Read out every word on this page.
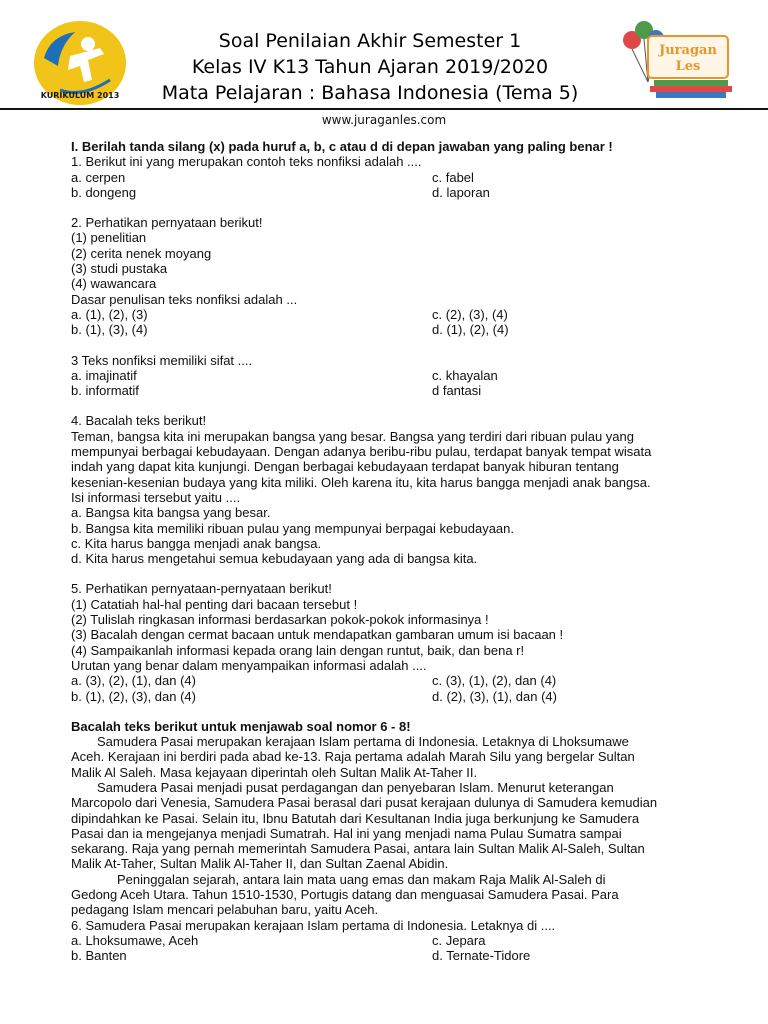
KURIKULUM 2013
Soal Penilaian Akhir Semester 1
Kelas IV K13 Tahun Ajaran 2019/2020
Mata Pelajaran : Bahasa Indonesia (Tema 5)
Juragan
Les
www.juraganles.com
I. Berilah tanda silang (x) pada huruf a, b, c atau d di depan jawaban yang paling benar !
1. Berikut ini yang merupakan contoh teks nonfiksi adalah ....
a. cerpen	c. fabel
b. dongeng	d. laporan
2. Perhatikan pernyataan berikut!
(1) penelitian
(2) cerita nenek moyang
(3) studi pustaka
(4) wawancara
Dasar penulisan teks nonfiksi adalah ...
a. (1), (2), (3)	c. (2), (3), (4)
b. (1), (3), (4)	d. (1), (2), (4)
3 Teks nonfiksi memiliki sifat ....
a. imajinatif	c. khayalan
b. informatif	d fantasi
4. Bacalah teks berikut!
Teman, bangsa kita ini merupakan bangsa yang besar. Bangsa yang terdiri dari ribuan pulau yang
mempunyai berbagai kebudayaan. Dengan adanya beribu-ribu pulau, terdapat banyak tempat wisata
indah yang dapat kita kunjungi. Dengan berbagai kebudayaan terdapat banyak hiburan tentang
kesenian-kesenian budaya yang kita miliki. Oleh karena itu, kita harus bangga menjadi anak bangsa.
Isi informasi tersebut yaitu ....
a. Bangsa kita bangsa yang besar.
b. Bangsa kita memiliki ribuan pulau yang mempunyai berpagai kebudayaan.
c. Kita harus bangga menjadi anak bangsa.
d. Kita harus mengetahui semua kebudayaan yang ada di bangsa kita.
5. Perhatikan pernyataan-pernyataan berikut!
(1) Catatiah hal-hal penting dari bacaan tersebut !
(2) Tulislah ringkasan informasi berdasarkan pokok-pokok informasinya !
(3) Bacalah dengan cermat bacaan untuk mendapatkan gambaran umum isi bacaan !
(4) Sampaikanlah informasi kepada orang lain dengan runtut, baik, dan bena r!
Urutan yang benar dalam menyampaikan informasi adalah ....
a. (3), (2), (1), dan (4)	c. (3), (1), (2), dan (4)
b. (1), (2), (3), dan (4)	d. (2), (3), (1), dan (4)
Bacalah teks berikut untuk menjawab soal nomor 6 - 8!
Samudera Pasai merupakan kerajaan Islam pertama di Indonesia. Letaknya di Lhoksumawe
Aceh. Kerajaan ini berdiri pada abad ke-13. Raja pertama adalah Marah Silu yang bergelar Sultan
Malik Al Saleh. Masa kejayaan diperintah oleh Sultan Malik At-Taher II.
Samudera Pasai menjadi pusat perdagangan dan penyebaran Islam. Menurut keterangan
Marcopolo dari Venesia, Samudera Pasai berasal dari pusat kerajaan dulunya di Samudera kemudian
dipindahkan ke Pasai. Selain itu, Ibnu Batutah dari Kesultanan India juga berkunjung ke Samudera
Pasai dan ia mengejanya menjadi Sumatrah. Hal ini yang menjadi nama Pulau Sumatra sampai
sekarang. Raja yang pernah memerintah Samudera Pasai, antara lain Sultan Malik Al-Saleh, Sultan
Malik At-Taher, Sultan Malik Al-Taher II, dan Sultan Zaenal Abidin.
Peninggalan sejarah, antara lain mata uang emas dan makam Raja Malik Al-Saleh di
Gedong Aceh Utara. Tahun 1510-1530, Portugis datang dan menguasai Samudera Pasai. Para
pedagang Islam mencari pelabuhan baru, yaitu Aceh.
6. Samudera Pasai merupakan kerajaan Islam pertama di Indonesia. Letaknya di ....
a. Lhoksumawe, Aceh	c. Jepara
b. Banten	d. Ternate-Tidore
